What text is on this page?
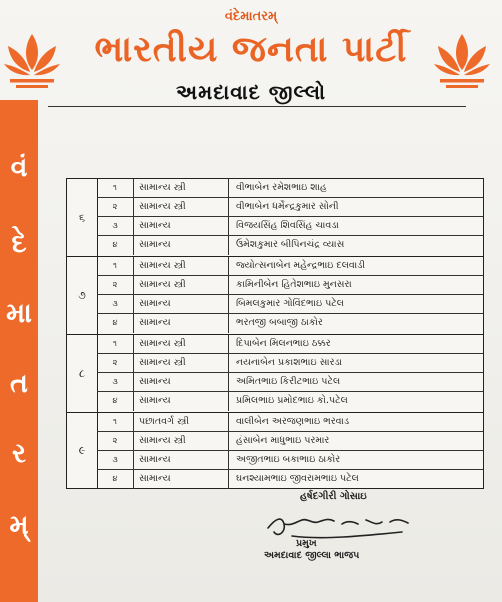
વં
દે
મા
ત
ર
મ્
વંદેમાતરમ્
ભારતીય જનતા પાર્ટી
અમદાવાદ જીલ્લો
૬
૧	સામાન્ય સ્ત્રી	વીભાબેન રમેશભાઇ શાહ
૨	સામાન્ય સ્ત્રી	વીભાબેન ધર્મેન્દ્રકુમાર સોની
૩	સામાન્ય	વિજયસિંહ શિવસિંહ ચાવડા
૪	સામાન્ય	ઉમેશકુમાર બીપિનચંદ્ર વ્યાસ
૭
૧	સામાન્ય સ્ત્રી	જ્યોત્સનાબેન મહેન્દ્રભાઇ દલવાડી
૨	સામાન્ય સ્ત્રી	કામિનીબેન હિતેશભાઇ મુનસરા
૩	સામાન્ય	બિમલકુમાર ગોવિંદભાઇ પટેલ
૪	સામાન્ય	ભરતજી બબાજી ઠાકોર
૮
૧	સામાન્ય સ્ત્રી	દિપાબેન મિલનભાઇ ઠક્કર
૨	સામાન્ય સ્ત્રી	નયનાબેન પ્રકાશભાઇ સારડા
૩	સામાન્ય	અમિતભાઇ કિરીટભાઇ પટેલ
૪	સામાન્ય	પ્રમિલભાઇ પ્રમોદભાઇ કો.પટેલ
૯
૧	પછાતવર્ગ સ્ત્રી	વાલીબેન અરજણભાઇ ભરવાડ
૨	સામાન્ય સ્ત્રી	હંસાબેન માધુભાઇ પરમાર
૩	સામાન્ય	અજીતભાઇ બકાભાઇ ઠાકોર
૪	સામાન્ય	ઘનશ્યામભાઇ જીવરામભાઇ પટેલ
હર્ષદગીરી ગોસાઇ
પ્રમુખ
અમદાવાદ જીલ્લા ભાજપ
